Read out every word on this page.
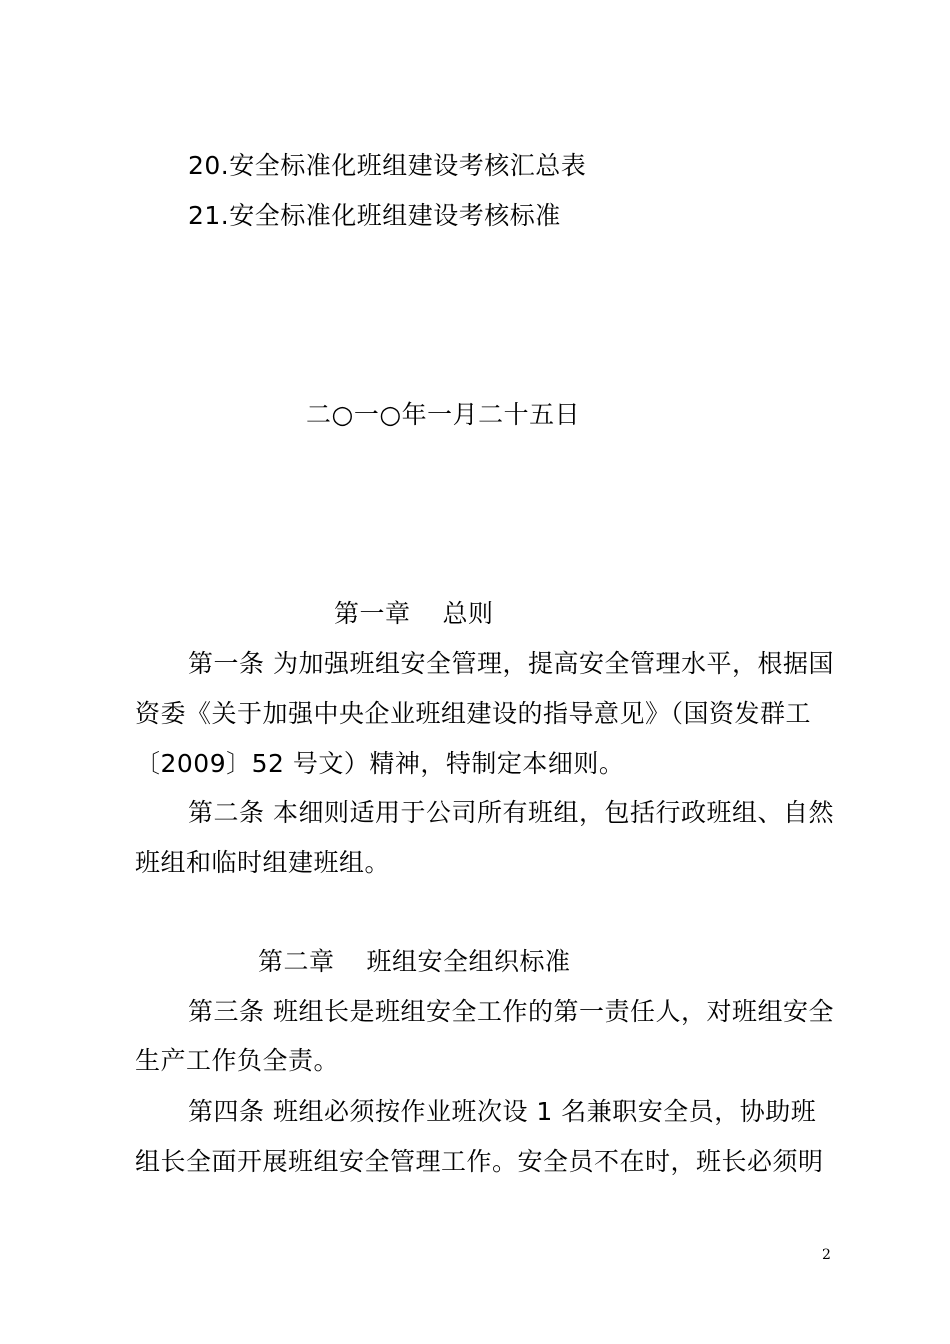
20.安全标准化班组建设考核汇总表
21.安全标准化班组建设考核标准
二○一○年一月二十五日
第一章 总则
第一条 为加强班组安全管理，提高安全管理水平，根据国
资委《关于加强中央企业班组建设的指导意见》（国资发群工
〔2009〕52 号文）精神，特制定本细则。
第二条 本细则适用于公司所有班组，包括行政班组、自然
班组和临时组建班组。
第二章 班组安全组织标准
第三条 班组长是班组安全工作的第一责任人，对班组安全
生产工作负全责。
第四条 班组必须按作业班次设 1 名兼职安全员，协助班
组长全面开展班组安全管理工作。安全员不在时，班长必须明
2
